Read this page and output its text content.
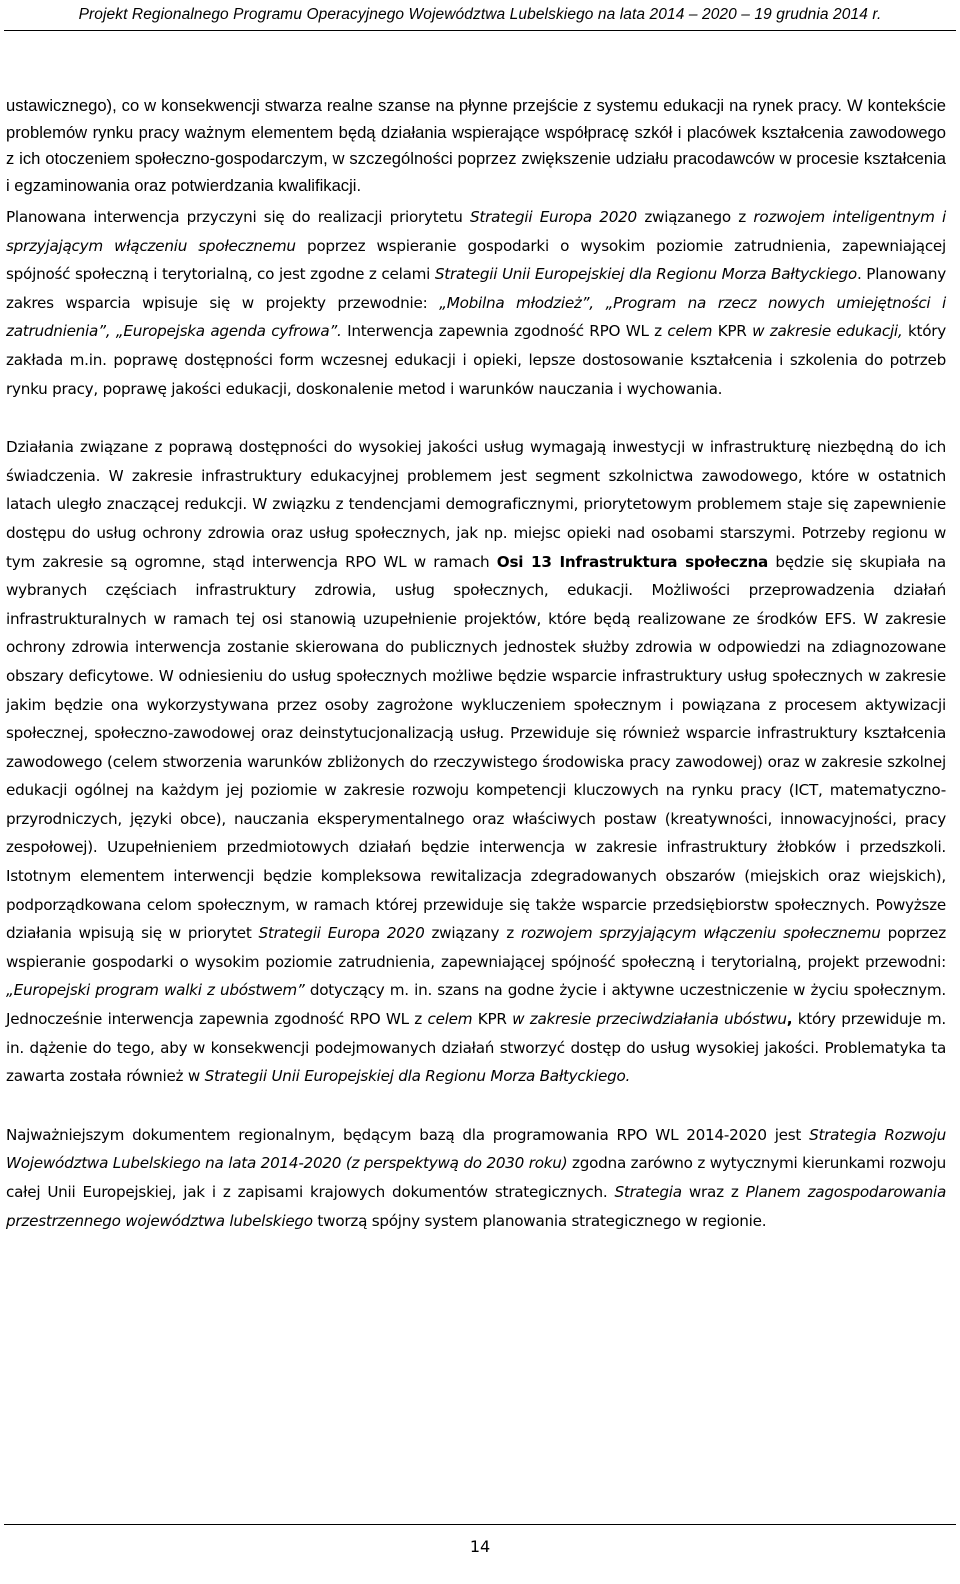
Projekt Regionalnego Programu Operacyjnego Województwa Lubelskiego na lata 2014 – 2020 – 19 grudnia 2014 r.

ustawicznego), co w konsekwencji stwarza realne szanse na płynne przejście z systemu edukacji na rynek pracy. W kontekście problemów rynku pracy ważnym elementem będą działania wspierające współpracę szkół i placówek kształcenia zawodowego z ich otoczeniem społeczno-gospodarczym, w szczególności poprzez zwiększenie udziału pracodawców w procesie kształcenia i egzaminowania oraz potwierdzania kwalifikacji.

Planowana interwencja przyczyni się do realizacji priorytetu Strategii Europa 2020 związanego z rozwojem inteligentnym i sprzyjającym włączeniu społecznemu poprzez wspieranie gospodarki o wysokim poziomie zatrudnienia, zapewniającej spójność społeczną i terytorialną, co jest zgodne z celami Strategii Unii Europejskiej dla Regionu Morza Bałtyckiego. Planowany zakres wsparcia wpisuje się w projekty przewodnie: „Mobilna młodzież”, „Program na rzecz nowych umiejętności i zatrudnienia”, „Europejska agenda cyfrowa”. Interwencja zapewnia zgodność RPO WL z celem KPR w zakresie edukacji, który zakłada m.in. poprawę dostępności form wczesnej edukacji i opieki, lepsze dostosowanie kształcenia i szkolenia do potrzeb rynku pracy, poprawę jakości edukacji, doskonalenie metod i warunków nauczania i wychowania.

Działania związane z poprawą dostępności do wysokiej jakości usług wymagają inwestycji w infrastrukturę niezbędną do ich świadczenia. W zakresie infrastruktury edukacyjnej problemem jest segment szkolnictwa zawodowego, które w ostatnich latach uległo znaczącej redukcji. W związku z tendencjami demograficznymi, priorytetowym problemem staje się zapewnienie dostępu do usług ochrony zdrowia oraz usług społecznych, jak np. miejsc opieki nad osobami starszymi. Potrzeby regionu w tym zakresie są ogromne, stąd interwencja RPO WL w ramach Osi 13 Infrastruktura społeczna będzie się skupiała na wybranych częściach infrastruktury zdrowia, usług społecznych, edukacji. Możliwości przeprowadzenia działań infrastrukturalnych w ramach tej osi stanowią uzupełnienie projektów, które będą realizowane ze środków EFS. W zakresie ochrony zdrowia interwencja zostanie skierowana do publicznych jednostek służby zdrowia w odpowiedzi na zdiagnozowane obszary deficytowe. W odniesieniu do usług społecznych możliwe będzie wsparcie infrastruktury usług społecznych w zakresie jakim będzie ona wykorzystywana przez osoby zagrożone wykluczeniem społecznym i powiązana z procesem aktywizacji społecznej, społeczno-zawodowej oraz deinstytucjonalizacją usług. Przewiduje się również wsparcie infrastruktury kształcenia zawodowego (celem stworzenia warunków zbliżonych do rzeczywistego środowiska pracy zawodowej) oraz w zakresie szkolnej edukacji ogólnej na każdym jej poziomie w zakresie rozwoju kompetencji kluczowych na rynku pracy (ICT, matematyczno-przyrodniczych, języki obce), nauczania eksperymentalnego oraz właściwych postaw (kreatywności, innowacyjności, pracy zespołowej). Uzupełnieniem przedmiotowych działań będzie interwencja w zakresie infrastruktury żłobków i przedszkoli. Istotnym elementem interwencji będzie kompleksowa rewitalizacja zdegradowanych obszarów (miejskich oraz wiejskich), podporządkowana celom społecznym, w ramach której przewiduje się także wsparcie przedsiębiorstw społecznych. Powyższe działania wpisują się w priorytet Strategii Europa 2020 związany z rozwojem sprzyjającym włączeniu społecznemu poprzez wspieranie gospodarki o wysokim poziomie zatrudnienia, zapewniającej spójność społeczną i terytorialną, projekt przewodni: „Europejski program walki z ubóstwem” dotyczący m. in. szans na godne życie i aktywne uczestniczenie w życiu społecznym. Jednocześnie interwencja zapewnia zgodność RPO WL z celem KPR w zakresie przeciwdziałania ubóstwu, który przewiduje m. in. dążenie do tego, aby w konsekwencji podejmowanych działań stworzyć dostęp do usług wysokiej jakości. Problematyka ta zawarta została również w Strategii Unii Europejskiej dla Regionu Morza Bałtyckiego.

Najważniejszym dokumentem regionalnym, będącym bazą dla programowania RPO WL 2014-2020 jest Strategia Rozwoju Województwa Lubelskiego na lata 2014-2020 (z perspektywą do 2030 roku) zgodna zarówno z wytycznymi kierunkami rozwoju całej Unii Europejskiej, jak i z zapisami krajowych dokumentów strategicznych. Strategia wraz z Planem zagospodarowania przestrzennego województwa lubelskiego tworzą spójny system planowania strategicznego w regionie.

14
